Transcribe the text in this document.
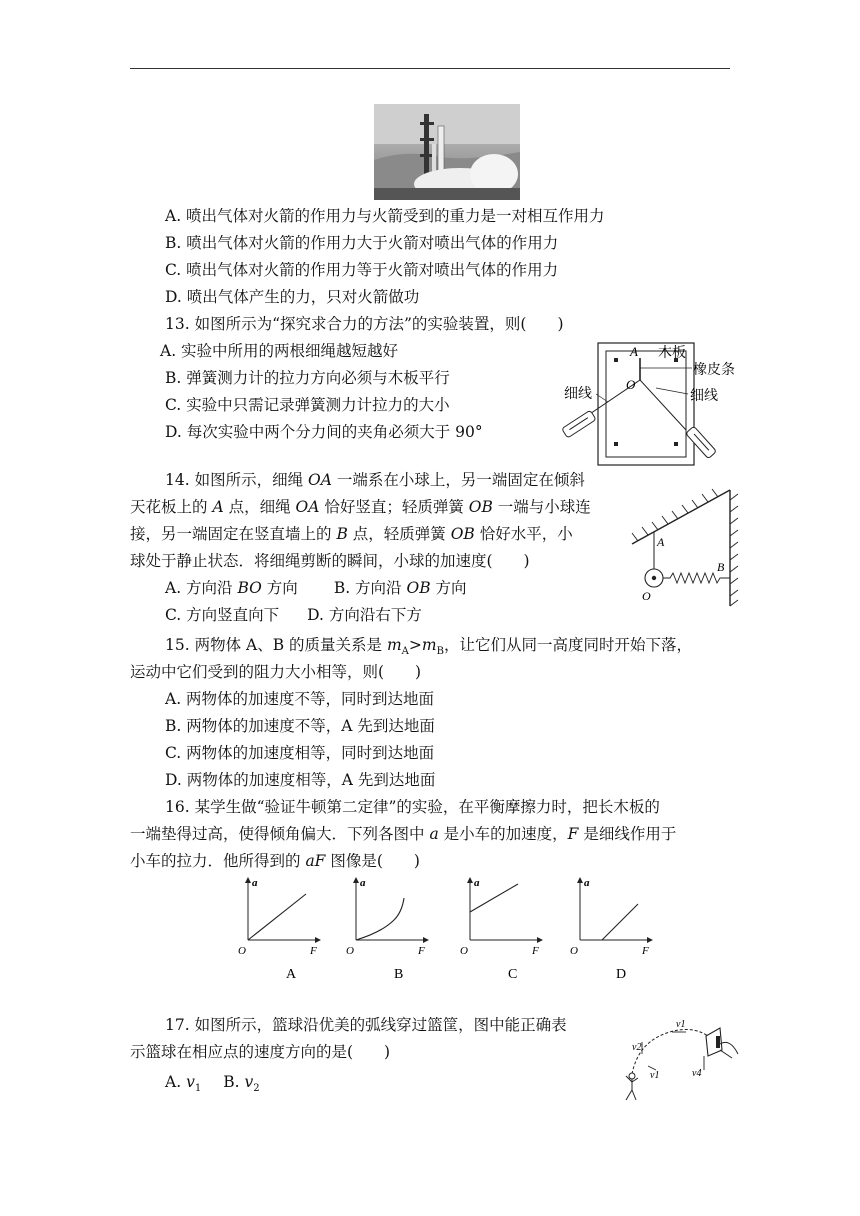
A. 喷出气体对火箭的作用力与火箭受到的重力是一对相互作用力
B. 喷出气体对火箭的作用力大于火箭对喷出气体的作用力
C. 喷出气体对火箭的作用力等于火箭对喷出气体的作用力
D. 喷出气体产生的力，只对火箭做功
13. 如图所示为“探究求合力的方法”的实验装置，则(　　)
A. 实验中所用的两根细绳越短越好
B. 弹簧测力计的拉力方向必须与木板平行
C. 实验中只需记录弹簧测力计拉力的大小
D. 每次实验中两个分力间的夹角必须大于 90°
A 木板
橡皮条
O
细线	细线
14. 如图所示，细绳 OA 一端系在小球上，另一端固定在倾斜
天花板上的 A 点，细绳 OA 恰好竖直；轻质弹簧 OB 一端与小球连
接，另一端固定在竖直墙上的 B 点，轻质弹簧 OB 恰好水平，小
球处于静止状态．将细绳剪断的瞬间，小球的加速度(　　)
A. 方向沿 BO 方向 B. 方向沿 OB 方向
C. 方向竖直向下 D. 方向沿右下方
A
B
O
15. 两物体 A、B 的质量关系是 $m_A>m_B$，让它们从同一高度同时开始下落，
运动中它们受到的阻力大小相等，则(　　)
A. 两物体的加速度不等，同时到达地面
B. 两物体的加速度不等，A 先到达地面
C. 两物体的加速度相等，同时到达地面
D. 两物体的加速度相等，A 先到达地面
16. 某学生做“验证牛顿第二定律”的实验，在平衡摩擦力时，把长木板的
一端垫得过高，使得倾角偏大．下列各图中 a 是小车的加速度，F 是细线作用于
小车的拉力．他所得到的 aF 图像是(　　)
a
F
O
A
a
F
O
B
a
F
O
C
a
F
O
D
17. 如图所示，篮球沿优美的弧线穿过篮筐，图中能正确表
示篮球在相应点的速度方向的是(　　)
A. $v_1$ B. $v_2$
v2
v1
v1	v4
